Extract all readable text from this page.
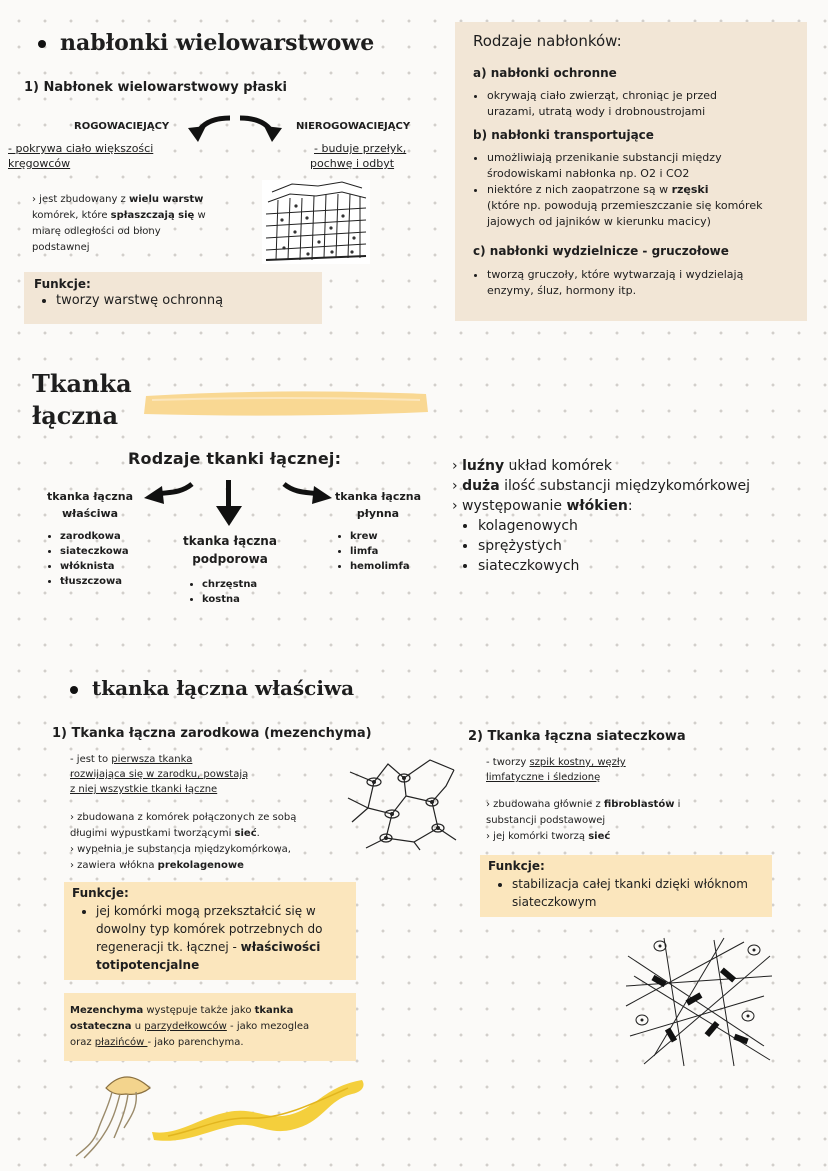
nabłonki wielowarstwowe
1) Nabłonek wielowarstwowy płaski
ROGOWACIEJĄCY	NIEROGOWACIEJĄCY
- pokrywa ciało większości
kręgowców
- buduje przełyk,
pochwę i odbyt
› jest zbudowany z wielu warstw
komórek, które spłaszczają się w
miarę odległości od błony
podstawnej
Funkcje:
• tworzy warstwę ochronną
Rodzaje nabłonków:
a) nabłonki ochronne
• okrywają ciało zwierząt, chroniąc je przed
urazami, utratą wody i drobnoustrojami
b) nabłonki transportujące
• umożliwiają przenikanie substancji między
środowiskami nabłonka np. O2 i CO2
• niektóre z nich zaopatrzone są w rzęski
(które np. powodują przemieszczanie się komórek
jajowych od jajników w kierunku macicy)
c) nabłonki wydzielnicze - gruczołowe
• tworzą gruczoły, które wytwarzają i wydzielają
enzymy, śluz, hormony itp.
Tkanka
łączna
Rodzaje tkanki łącznej:
tkanka łączna
właściwa
• zarodkowa
• siateczkowa
• włóknista
• tłuszczowa
tkanka łączna
podporowa
• chrzęstna
• kostna
tkanka łączna
płynna
• krew
• limfa
• hemolimfa
› luźny układ komórek
› duża ilość substancji międzykomórkowej
› występowanie włókien:
• kolagenowych
• sprężystych
• siateczkowych
tkanka łączna właściwa
1) Tkanka łączna zarodkowa (mezenchyma)
- jest to pierwsza tkanka
rozwijająca się w zarodku, powstają
z niej wszystkie tkanki łączne
› zbudowana z komórek połączonych ze sobą
długimi wypustkami tworzącymi sieć.
› wypełnia je substancja międzykomórkowa,
› zawiera włókna prekolagenowe
Funkcje:
• jej komórki mogą przekształcić się w
dowolny typ komórek potrzebnych do
regeneracji tk. łącznej - właściwości
totipotencjalne
Mezenchyma występuje także jako tkanka
ostateczna u parzydełkowców - jako mezoglea
oraz płazińców - jako parenchyma.
2) Tkanka łączna siateczkowa
- tworzy szpik kostny, węzły
limfatyczne i śledzionę
› zbudowana głównie z fibroblastów i
substancji podstawowej
› jej komórki tworzą sieć
Funkcje:
• stabilizacja całej tkanki dzięki włóknom
siateczkowym
